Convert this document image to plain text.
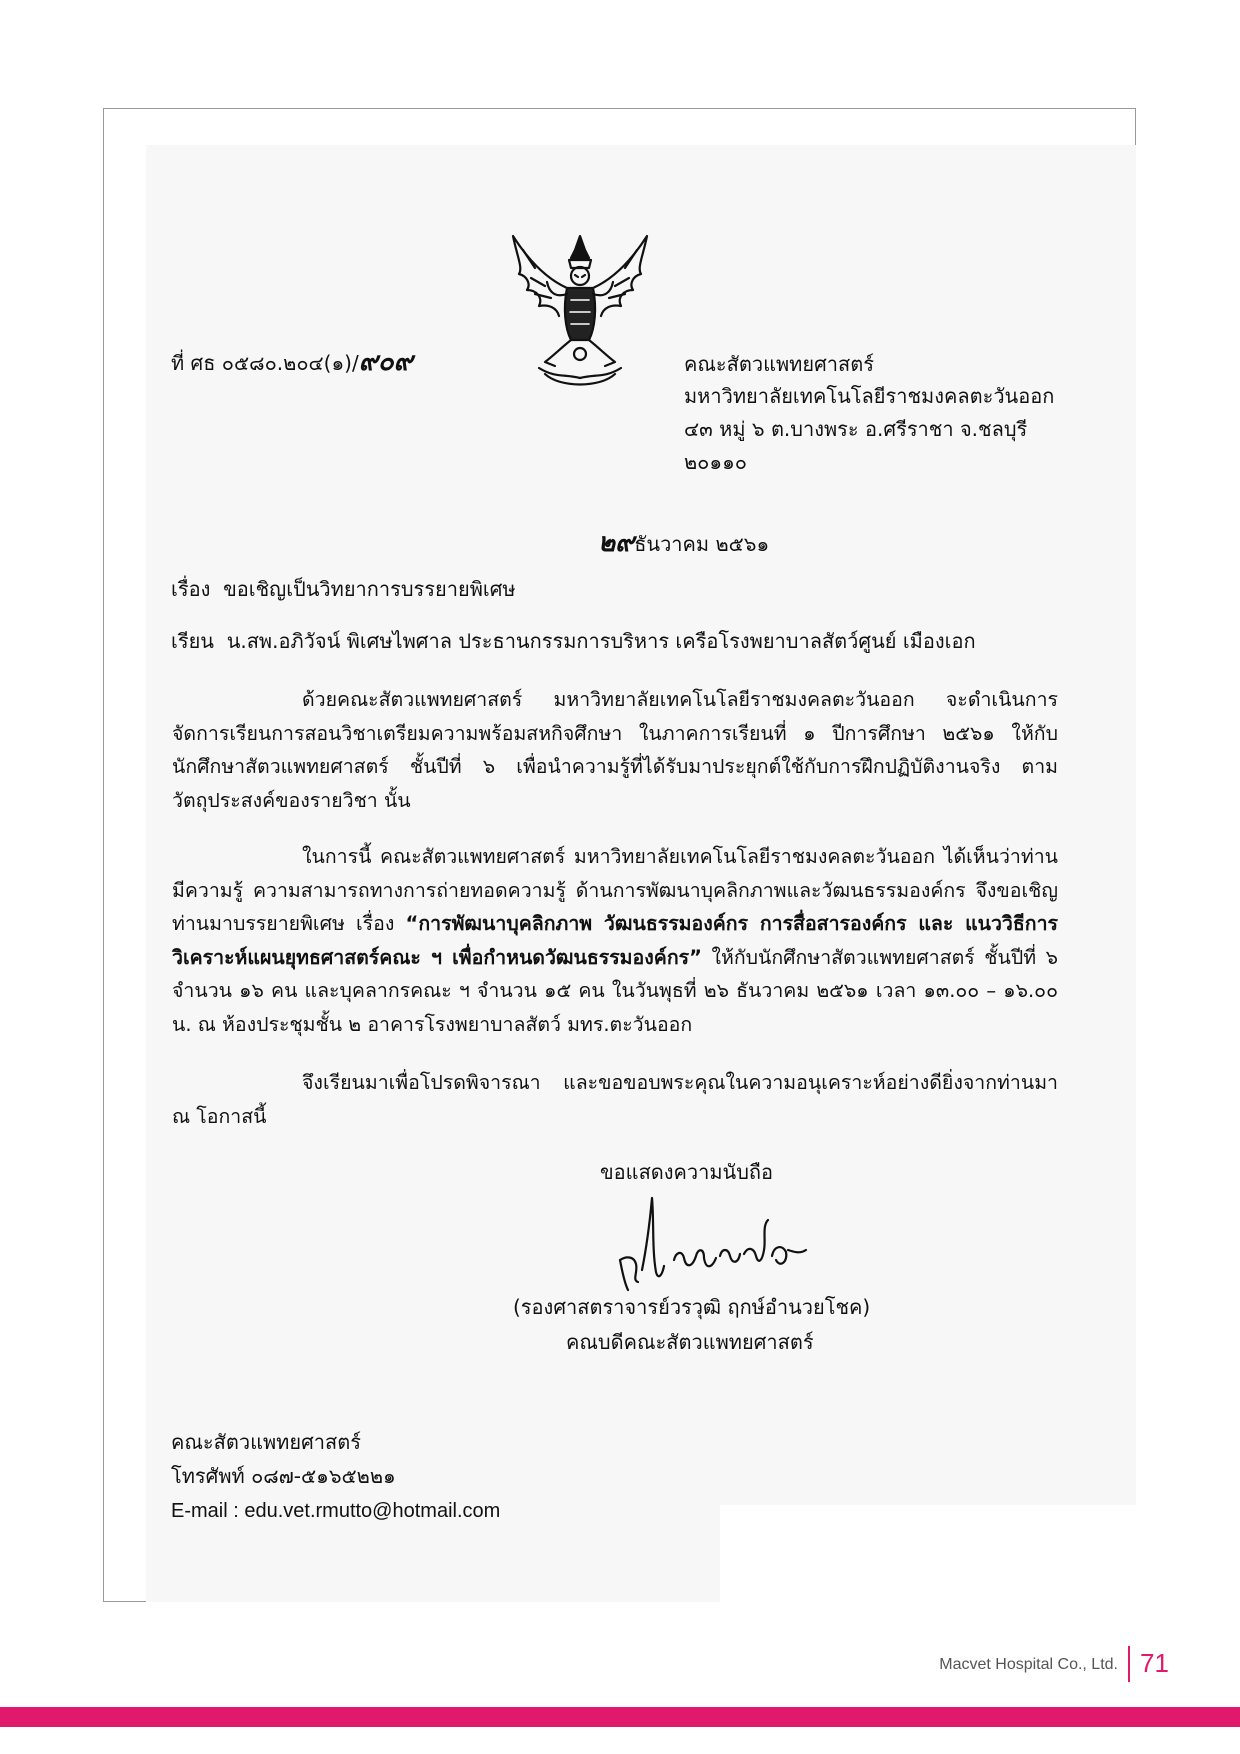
ที่ ศธ ๐๕๘๐.๒๐๔(๑)/๙๐๙	คณะสัตวแพทยศาสตร์
มหาวิทยาลัยเทคโนโลยีราชมงคลตะวันออก
๔๓ หมู่ ๖ ต.บางพระ อ.ศรีราชา จ.ชลบุรี
๒๐๑๑๐
๒๙ธันวาคม ๒๕๖๑
เรื่อง ขอเชิญเป็นวิทยาการบรรยายพิเศษ
เรียน น.สพ.อภิวัจน์ พิเศษไพศาล ประธานกรรมการบริหาร เครือโรงพยาบาลสัตว์ศูนย์ เมืองเอก
ด้วยคณะสัตวแพทยศาสตร์ มหาวิทยาลัยเทคโนโลยีราชมงคลตะวันออก จะดำเนินการจัดการเรียนการสอนวิชาเตรียมความพร้อมสหกิจศึกษา ในภาคการเรียนที่ ๑ ปีการศึกษา ๒๕๖๑ ให้กับนักศึกษาสัตวแพทยศาสตร์ ชั้นปีที่ ๖ เพื่อนำความรู้ที่ได้รับมาประยุกต์ใช้กับการฝึกปฏิบัติงานจริง ตามวัตถุประสงค์ของรายวิชา นั้น
ในการนี้ คณะสัตวแพทยศาสตร์ มหาวิทยาลัยเทคโนโลยีราชมงคลตะวันออก ได้เห็นว่าท่าน มีความรู้ ความสามารถทางการถ่ายทอดความรู้ ด้านการพัฒนาบุคลิกภาพและวัฒนธรรมองค์กร จึงขอเชิญท่านมาบรรยายพิเศษ เรื่อง “การพัฒนาบุคลิกภาพ วัฒนธรรมองค์กร การสื่อสารองค์กร และ แนววิธีการวิเคราะห์แผนยุทธศาสตร์คณะ ฯ เพื่อกำหนดวัฒนธรรมองค์กร” ให้กับนักศึกษาสัตวแพทยศาสตร์ ชั้นปีที่ ๖ จำนวน ๑๖ คน และบุคลากรคณะ ฯ จำนวน ๑๕ คน ในวันพุธที่ ๒๖ ธันวาคม ๒๕๖๑ เวลา ๑๓.๐๐ – ๑๖.๐๐ น. ณ ห้องประชุมชั้น ๒ อาคารโรงพยาบาลสัตว์ มทร.ตะวันออก
จึงเรียนมาเพื่อโปรดพิจารณา และขอขอบพระคุณในความอนุเคราะห์อย่างดียิ่งจากท่านมา ณ โอกาสนี้
ขอแสดงความนับถือ
(รองศาสตราจารย์วรวุฒิ ฤกษ์อำนวยโชค)
คณบดีคณะสัตวแพทยศาสตร์
คณะสัตวแพทยศาสตร์
โทรศัพท์ ๐๘๗-๕๑๖๕๒๒๑
E-mail : edu.vet.rmutto@hotmail.com
Macvet Hospital Co., Ltd. 71
